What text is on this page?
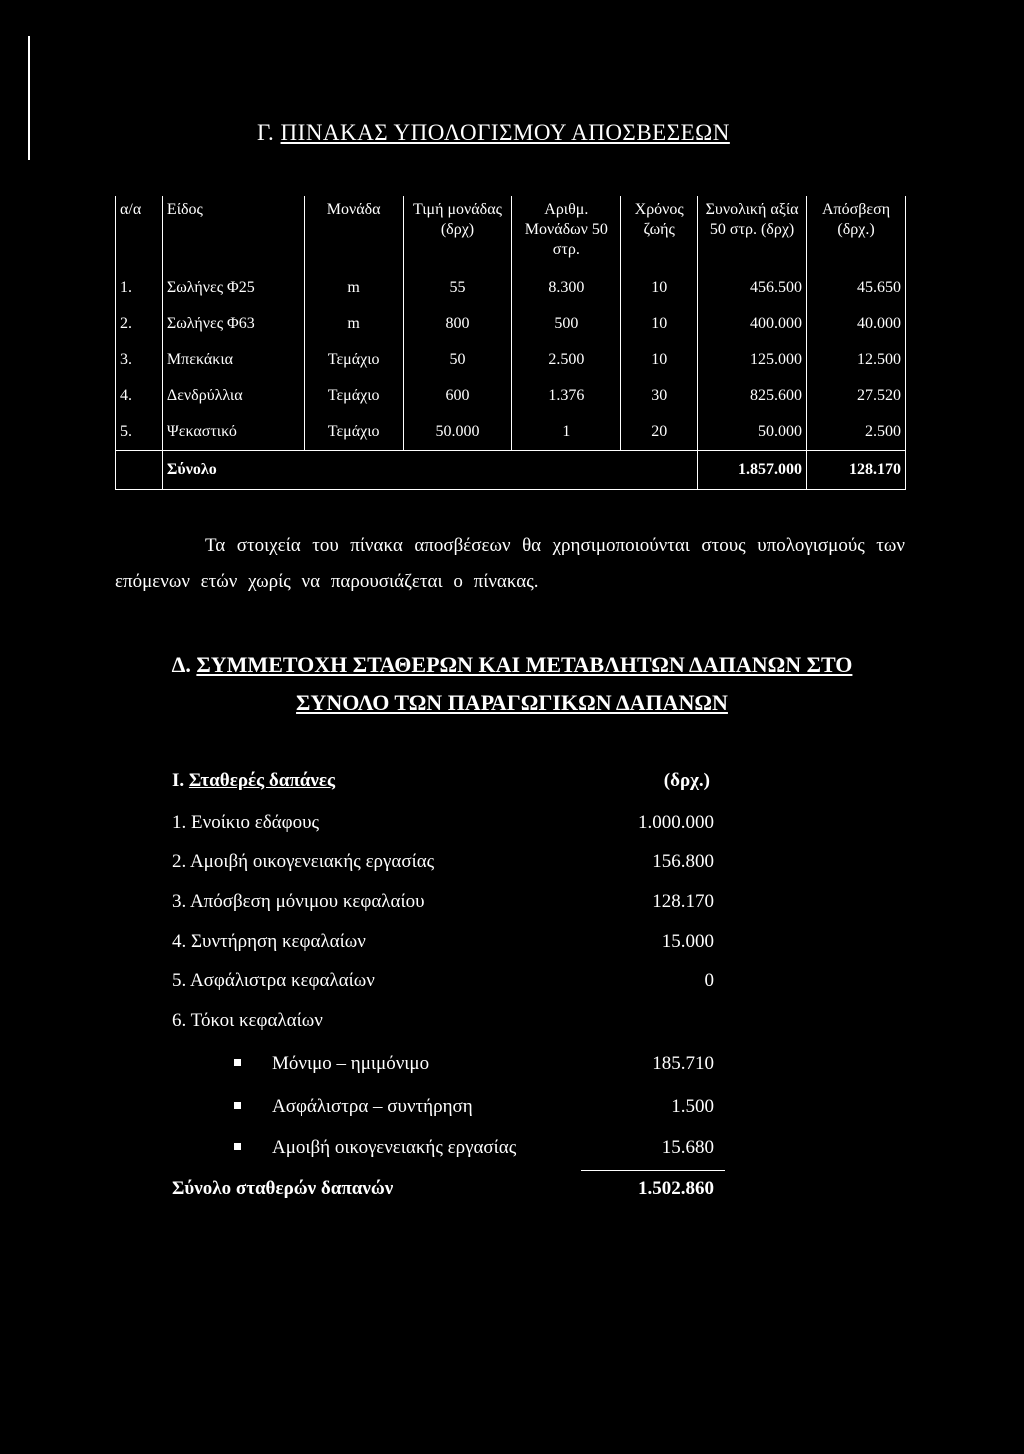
Γ. ΠΙΝΑΚΑΣ ΥΠΟΛΟΓΙΣΜΟΥ ΑΠΟΣΒΕΣΕΩΝ
α/α	Είδος	Μονάδα	Τιμή μονάδας (δρχ)	Αριθμ. Μονάδων 50 στρ.	Χρόνος ζωής	Συνολική αξία 50 στρ. (δρχ)	Απόσβεση (δρχ.)
1.	Σωλήνες Φ25	m	55	8.300	10	456.500	45.650
2.	Σωλήνες Φ63	m	800	500	10	400.000	40.000
3.	Μπεκάκια	Τεμάχιο	50	2.500	10	125.000	12.500
4.	Δενδρύλλια	Τεμάχιο	600	1.376	30	825.600	27.520
5.	Ψεκαστικό	Τεμάχιο	50.000	1	20	50.000	2.500
	Σύνολο					1.857.000	128.170
Τα στοιχεία του πίνακα αποσβέσεων θα χρησιμοποιούνται στους υπολογισμούς των επόμενων ετών χωρίς να παρουσιάζεται ο πίνακας.
Δ. ΣΥΜΜΕΤΟΧΗ ΣΤΑΘΕΡΩΝ ΚΑΙ ΜΕΤΑΒΛΗΤΩΝ ΔΑΠΑΝΩΝ ΣΤΟ
ΣΥΝΟΛΟ ΤΩΝ ΠΑΡΑΓΩΓΙΚΩΝ ΔΑΠΑΝΩΝ
Ι. Σταθερές δαπάνες	(δρχ.)
1. Ενοίκιο εδάφους	1.000.000
2. Αμοιβή οικογενειακής εργασίας	156.800
3. Απόσβεση μόνιμου κεφαλαίου	128.170
4. Συντήρηση κεφαλαίων	15.000
5. Ασφάλιστρα κεφαλαίων	0
6. Τόκοι κεφαλαίων
Μόνιμο – ημιμόνιμο	185.710
Ασφάλιστρα – συντήρηση	1.500
Αμοιβή οικογενειακής εργασίας	15.680
Σύνολο σταθερών δαπανών	1.502.860
